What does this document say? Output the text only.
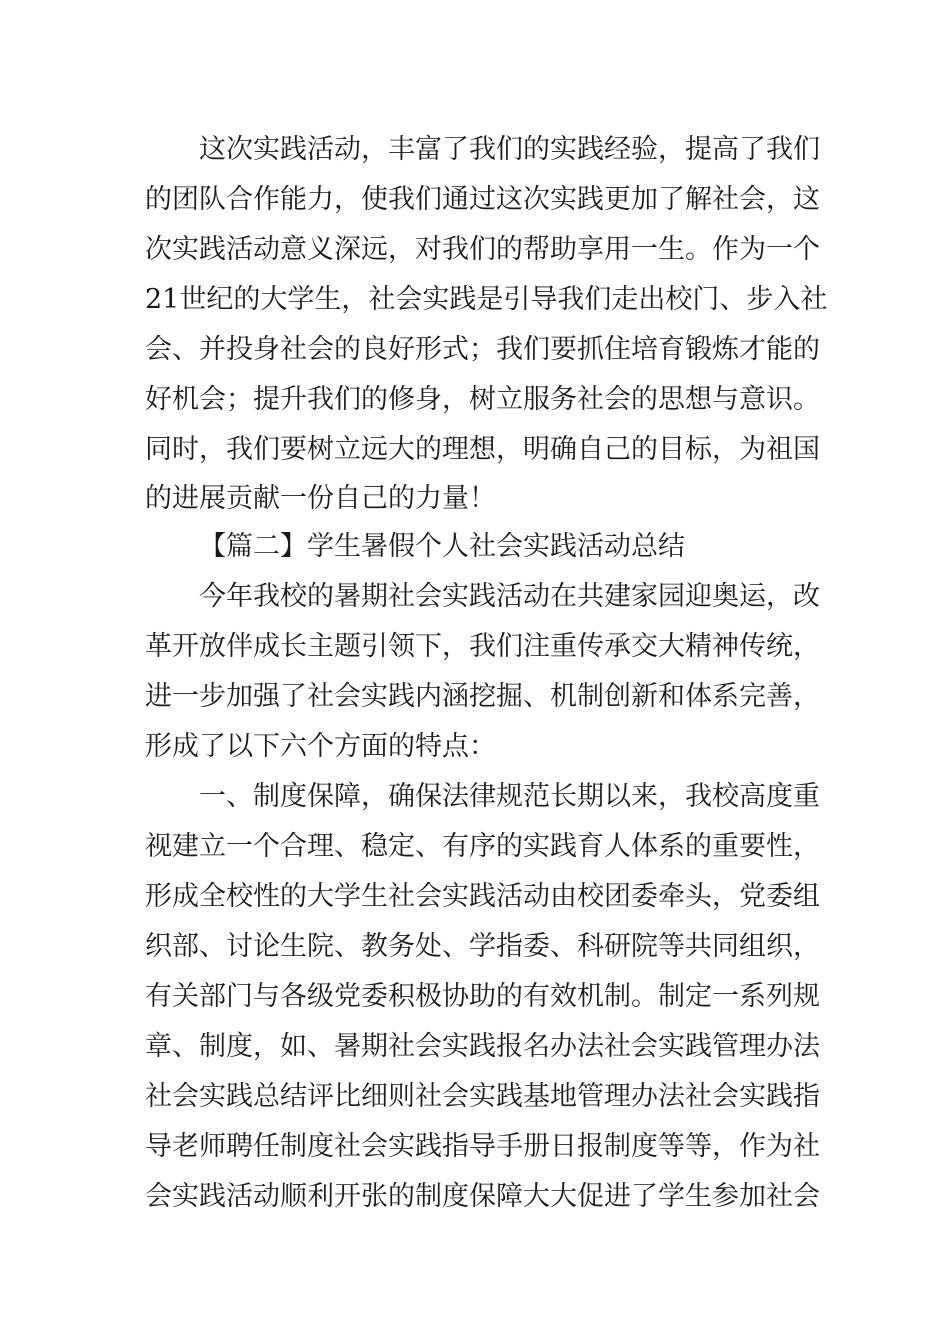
这次实践活动，丰富了我们的实践经验，提高了我们

的团队合作能力，使我们通过这次实践更加了解社会，这

次实践活动意义深远，对我们的帮助享用一生。作为一个

21世纪的大学生，社会实践是引导我们走出校门、步入社

会、并投身社会的良好形式；我们要抓住培育锻炼才能的

好机会；提升我们的修身，树立服务社会的思想与意识。

同时，我们要树立远大的理想，明确自己的目标，为祖国

的进展贡献一份自己的力量！

【篇二】学生暑假个人社会实践活动总结

今年我校的暑期社会实践活动在共建家园迎奥运，改

革开放伴成长主题引领下，我们注重传承交大精神传统，

进一步加强了社会实践内涵挖掘、机制创新和体系完善，

形成了以下六个方面的特点：

一、制度保障，确保法律规范长期以来，我校高度重

视建立一个合理、稳定、有序的实践育人体系的重要性，

形成全校性的大学生社会实践活动由校团委牵头，党委组

织部、讨论生院、教务处、学指委、科研院等共同组织，

有关部门与各级党委积极协助的有效机制。制定一系列规

章、制度，如、暑期社会实践报名办法社会实践管理办法

社会实践总结评比细则社会实践基地管理办法社会实践指

导老师聘任制度社会实践指导手册日报制度等等，作为社

会实践活动顺利开张的制度保障大大促进了学生参加社会
